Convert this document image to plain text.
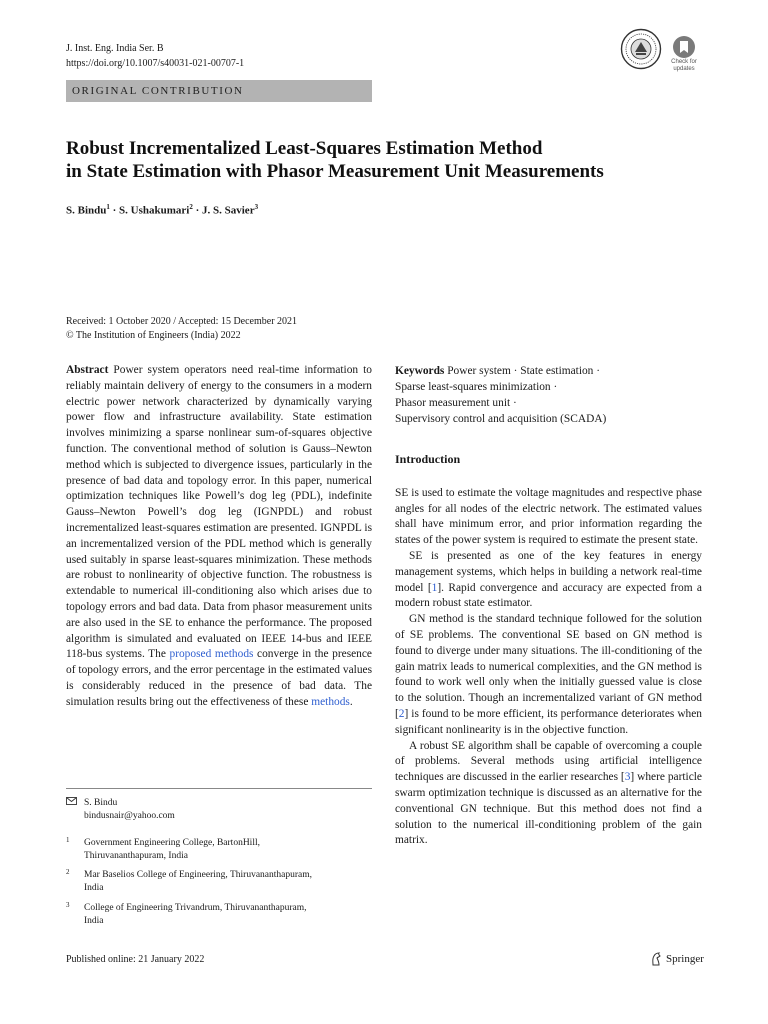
J. Inst. Eng. India Ser. B
https://doi.org/10.1007/s40031-021-00707-1	Check for updates
ORIGINAL CONTRIBUTION
Robust Incrementalized Least-Squares Estimation Method
in State Estimation with Phasor Measurement Unit Measurements
S. Bindu$^1$ · S. Ushakumari$^2$ · J. S. Savier$^3$
Received: 1 October 2020 / Accepted: 15 December 2021
© The Institution of Engineers (India) 2022
Abstract Power system operators need real-time information to reliably maintain delivery of energy to the consumers in a modern electric power network characterized by dynamically varying power flow and infrastructure availability. State estimation involves minimizing a sparse nonlinear sum-of-squares objective function. The conventional method of solution is Gauss–Newton method which is subjected to divergence issues, particularly in the presence of bad data and topology error. In this paper, numerical optimization techniques like Powell’s dog leg (PDL), indefinite Gauss–Newton Powell’s dog leg (IGNPDL) and robust incrementalized least-squares estimation are presented. IGNPDL is an incrementalized version of the PDL method which is generally used suitably in sparse least-squares minimization. These methods are robust to nonlinearity of objective function. The robustness is extendable to numerical ill-conditioning also which arises due to topology errors and bad data. Data from phasor measurement units are also used in the SE to enhance the performance. The proposed algorithm is simulated and evaluated on IEEE 14-bus and IEEE 118-bus systems. The proposed methods converge in the presence of topology errors, and the error percentage in the estimated values is considerably reduced in the presence of bad data. The simulation results bring out the effectiveness of these methods.
Keywords Power system · State estimation ·
Sparse least-squares minimization ·
Phasor measurement unit ·
Supervisory control and acquisition (SCADA)
Introduction

SE is used to estimate the voltage magnitudes and respective phase angles for all nodes of the electric network. The estimated values shall have minimum error, and prior information regarding the states of the power system is required to estimate the present state.

SE is presented as one of the key features in energy management systems, which helps in building a network real-time model [1]. Rapid convergence and accuracy are expected from a modern robust state estimator.

GN method is the standard technique followed for the solution of SE problems. The conventional SE based on GN method is found to diverge under many situations. The ill-conditioning of the gain matrix leads to numerical complexities, and the GN method is found to work well only when the initially guessed value is close to the solution. Though an incrementalized variant of GN method [2] is found to be more efficient, its performance deteriorates when significant nonlinearity is in the objective function.

A robust SE algorithm shall be capable of overcoming a couple of problems. Several methods using artificial intelligence techniques are discussed in the earlier researches [3] where particle swarm optimization technique is discussed as an alternative for the conventional GN technique. But this method does not find a solution to the numerical ill-conditioning problem of the gain matrix.

S. Bindu
bindusnair@yahoo.com
1 Government Engineering College, BartonHill,
Thiruvananthapuram, India
2 Mar Baselios College of Engineering, Thiruvananthapuram,
India
3 College of Engineering Trivandrum, Thiruvananthapuram,
India
Published online: 21 January 2022	Springer
